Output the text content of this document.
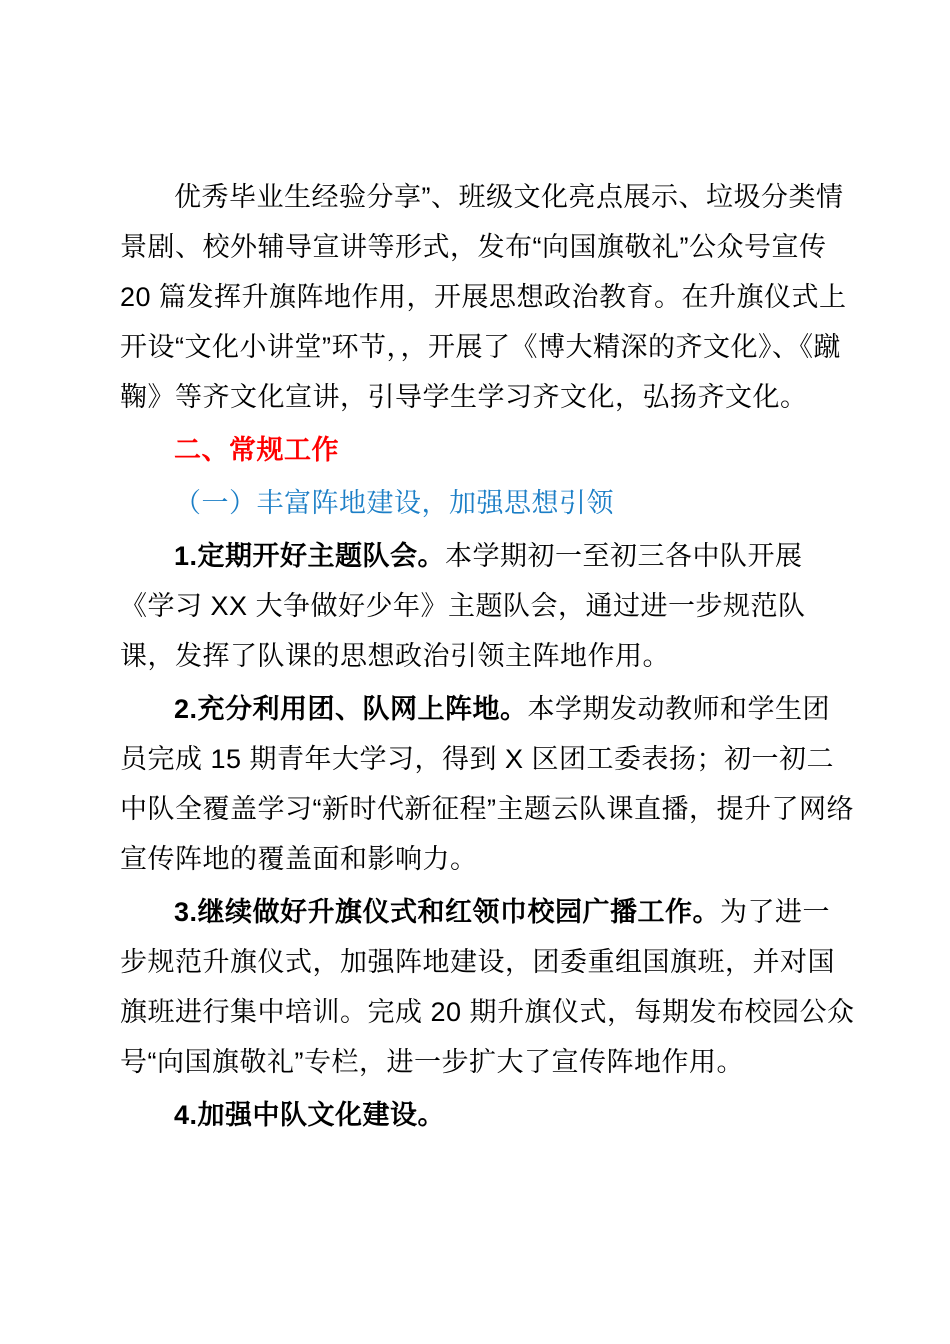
优秀毕业生经验分享”、班级文化亮点展示、垃圾分类情景剧、校外辅导宣讲等形式，发布“向国旗敬礼”公众号宣传 20 篇发挥升旗阵地作用，开展思想政治教育。在升旗仪式上开设“文化小讲堂”环节，，开展了《博大精深的齐文化》、《蹴鞠》等齐文化宣讲，引导学生学习齐文化，弘扬齐文化。

二、常规工作

（一）丰富阵地建设，加强思想引领

1.定期开好主题队会。本学期初一至初三各中队开展《学习 XX 大争做好少年》主题队会，通过进一步规范队课，发挥了队课的思想政治引领主阵地作用。

2.充分利用团、队网上阵地。本学期发动教师和学生团员完成 15 期青年大学习，得到 X 区团工委表扬；初一初二中队全覆盖学习“新时代新征程”主题云队课直播，提升了网络宣传阵地的覆盖面和影响力。

3.继续做好升旗仪式和红领巾校园广播工作。为了进一步规范升旗仪式，加强阵地建设，团委重组国旗班，并对国旗班进行集中培训。完成 20 期升旗仪式，每期发布校园公众号“向国旗敬礼”专栏，进一步扩大了宣传阵地作用。

4.加强中队文化建设。
